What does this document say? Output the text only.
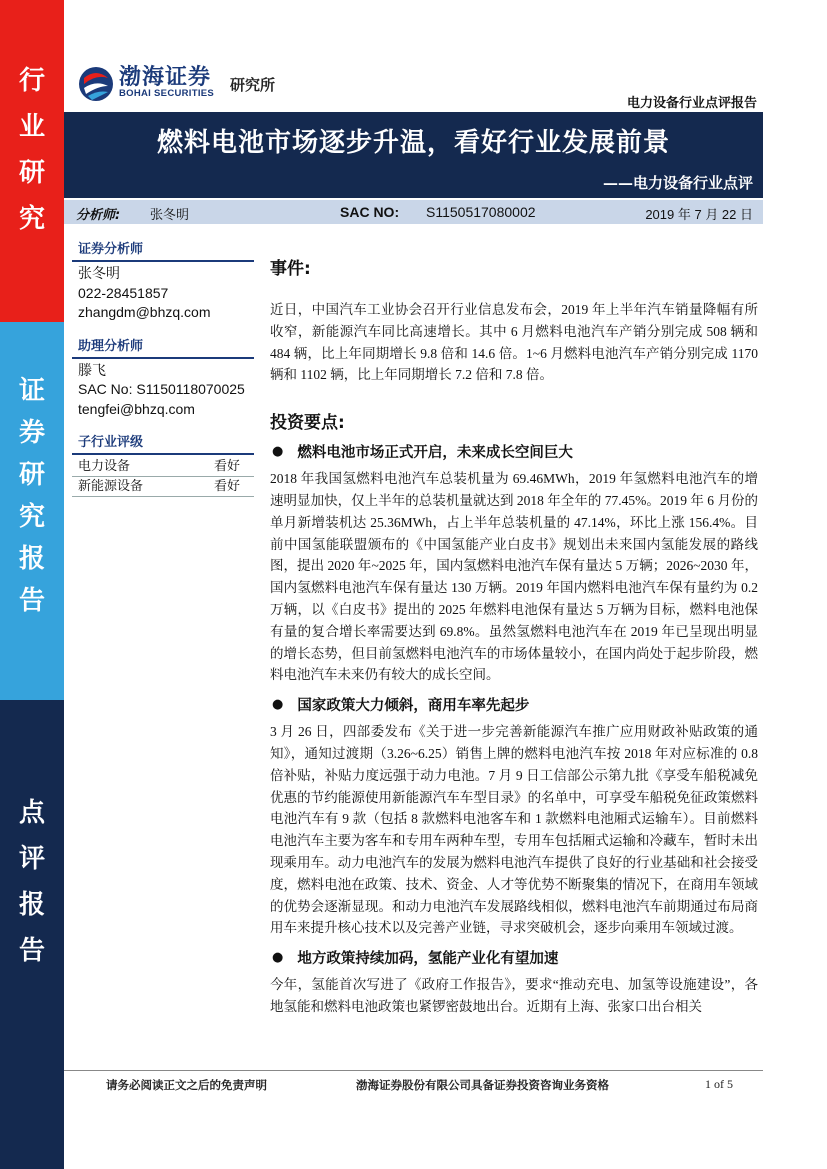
行
业
研
究
证
券
研
究
报
告
点
评
报
告
渤海证券
BOHAI SECURITIES 研究所
电力设备行业点评报告
燃料电池市场逐步升温，看好行业发展前景
——电力设备行业点评
分析师: 张冬明	SAC NO: S1150517080002	2019 年 7 月 22 日
证券分析师
张冬明
022-28451857
zhangdm@bhzq.com
助理分析师
滕飞
SAC No: S1150118070025
tengfei@bhzq.com
子行业评级
电力设备	看好
新能源设备	看好
事件:

近日，中国汽车工业协会召开行业信息发布会，2019 年上半年汽车销量降幅有所收窄，新能源汽车同比高速增长。其中 6 月燃料电池汽车产销分别完成 508 辆和 484 辆，比上年同期增长 9.8 倍和 14.6 倍。1~6 月燃料电池汽车产销分别完成 1170 辆和 1102 辆，比上年同期增长 7.2 倍和 7.8 倍。

投资要点:
● 燃料电池市场正式开启，未来成长空间巨大

2018 年我国氢燃料电池汽车总装机量为 69.46MWh，2019 年氢燃料电池汽车的增速明显加快，仅上半年的总装机量就达到 2018 年全年的 77.45%。2019 年 6 月份的单月新增装机达 25.36MWh，占上半年总装机量的 47.14%，环比上涨 156.4%。目前中国氢能联盟颁布的《中国氢能产业白皮书》规划出未来国内氢能发展的路线图，提出 2020 年~2025 年，国内氢燃料电池汽车保有量达 5 万辆；2026~2030 年，国内氢燃料电池汽车保有量达 130 万辆。2019 年国内燃料电池汽车保有量约为 0.2 万辆，以《白皮书》提出的 2025 年燃料电池保有量达 5 万辆为目标，燃料电池保有量的复合增长率需要达到 69.8%。虽然氢燃料电池汽车在 2019 年已呈现出明显的增长态势，但目前氢燃料电池汽车的市场体量较小，在国内尚处于起步阶段，燃料电池汽车未来仍有较大的成长空间。

● 国家政策大力倾斜，商用车率先起步

3 月 26 日，四部委发布《关于进一步完善新能源汽车推广应用财政补贴政策的通知》，通知过渡期（3.26~6.25）销售上牌的燃料电池汽车按 2018 年对应标准的 0.8 倍补贴，补贴力度远强于动力电池。7 月 9 日工信部公示第九批《享受车船税减免优惠的节约能源使用新能源汽车车型目录》的名单中，可享受车船税免征政策燃料电池汽车有 9 款（包括 8 款燃料电池客车和 1 款燃料电池厢式运输车）。目前燃料电池汽车主要为客车和专用车两种车型，专用车包括厢式运输和冷藏车，暂时未出现乘用车。动力电池汽车的发展为燃料电池汽车提供了良好的行业基础和社会接受度，燃料电池在政策、技术、资金、人才等优势不断聚集的情况下，在商用车领域的优势会逐渐显现。和动力电池汽车发展路线相似，燃料电池汽车前期通过布局商用车来提升核心技术以及完善产业链，寻求突破机会，逐步向乘用车领域过渡。

● 地方政策持续加码，氢能产业化有望加速

今年，氢能首次写进了《政府工作报告》，要求“推动充电、加氢等设施建设”，各地氢能和燃料电池政策也紧锣密鼓地出台。近期有上海、张家口出台相关

请务必阅读正文之后的免责声明	渤海证券股份有限公司具备证券投资咨询业务资格	1 of 5
